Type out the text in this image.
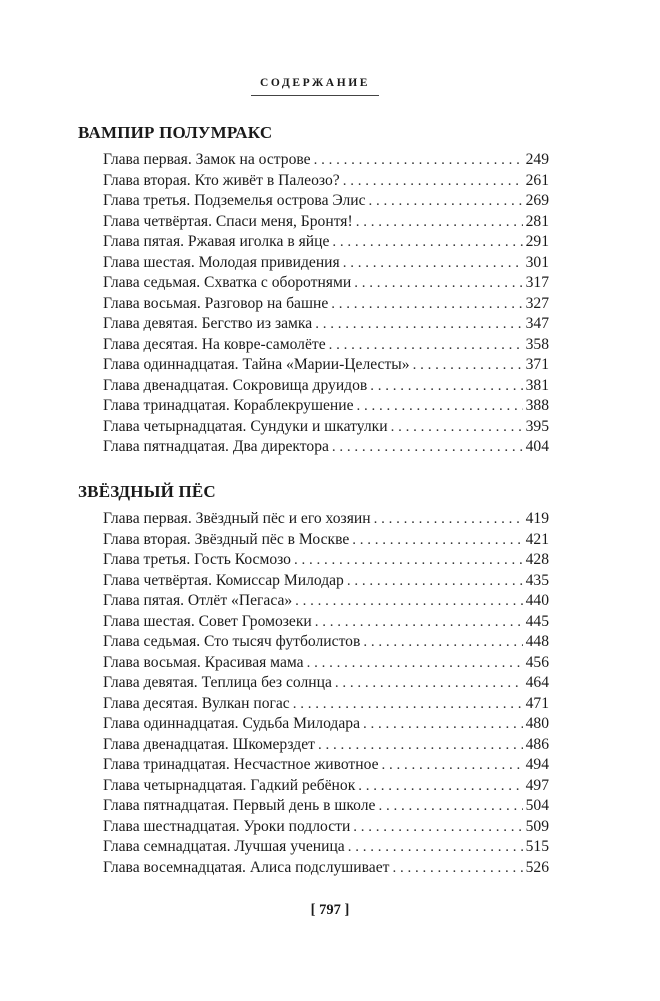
СОДЕРЖАНИЕ
ВАМПИР ПОЛУМРАКС
Глава первая. Замок на острове . . .	249
Глава вторая. Кто живёт в Палеозо? . . .	261
Глава третья. Подземелья острова Элис . . .	269
Глава четвёртая. Спаси меня, Бронтя! . . .	281
Глава пятая. Ржавая иголка в яйце . . .	291
Глава шестая. Молодая привидения . . .	301
Глава седьмая. Схватка с оборотнями . . .	317
Глава восьмая. Разговор на башне . . .	327
Глава девятая. Бегство из замка . . .	347
Глава десятая. На ковре-самолёте . . .	358
Глава одиннадцатая. Тайна «Марии-Целесты» . . .	371
Глава двенадцатая. Сокровища друидов . . .	381
Глава тринадцатая. Кораблекрушение . . .	388
Глава четырнадцатая. Сундуки и шкатулки . . .	395
Глава пятнадцатая. Два директора . . .	404
ЗВЁЗДНЫЙ ПЁС
Глава первая. Звёздный пёс и его хозяин . . .	419
Глава вторая. Звёздный пёс в Москве . . .	421
Глава третья. Гость Космозо . . .	428
Глава четвёртая. Комиссар Милодар . . .	435
Глава пятая. Отлёт «Пегаса» . . .	440
Глава шестая. Совет Громозеки . . .	445
Глава седьмая. Сто тысяч футболистов . . .	448
Глава восьмая. Красивая мама . . .	456
Глава девятая. Теплица без солнца . . .	464
Глава десятая. Вулкан погас . . .	471
Глава одиннадцатая. Судьба Милодара . . .	480
Глава двенадцатая. Шкомерздет . . .	486
Глава тринадцатая. Несчастное животное . . .	494
Глава четырнадцатая. Гадкий ребёнок . . .	497
Глава пятнадцатая. Первый день в школе . . .	504
Глава шестнадцатая. Уроки подлости . . .	509
Глава семнадцатая. Лучшая ученица . . .	515
Глава восемнадцатая. Алиса подслушивает . . .	526
[ 797 ]
